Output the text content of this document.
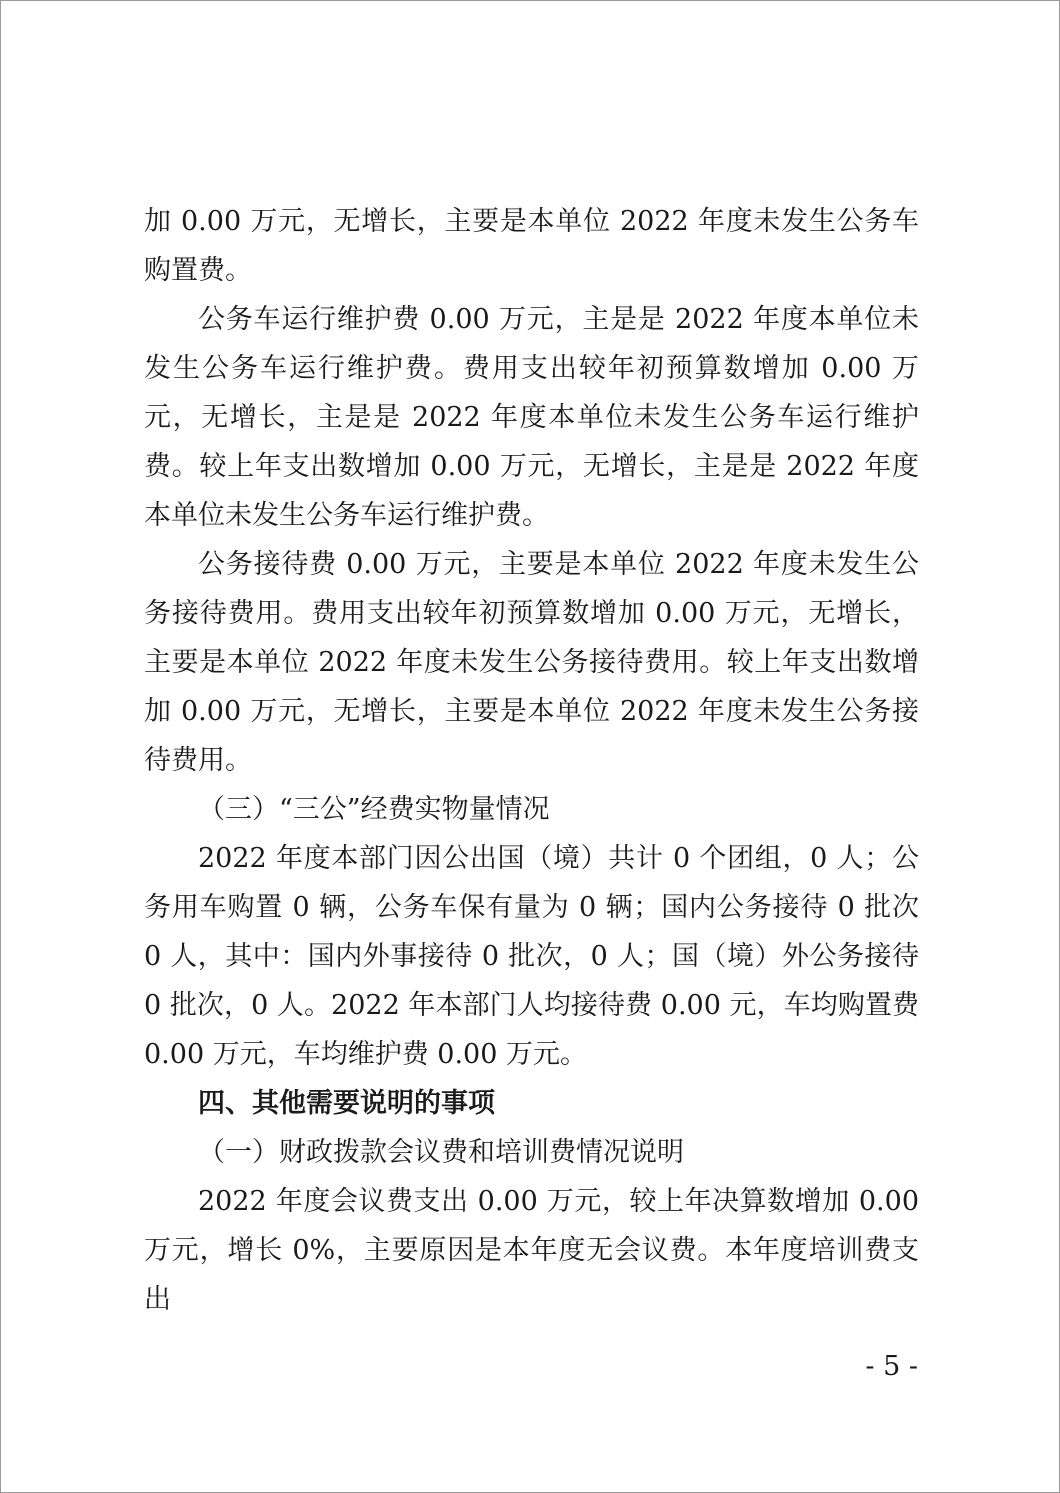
加 0.00 万元，无增长，主要是本单位 2022 年度未发生公务车购置费。

公务车运行维护费 0.00 万元，主是是 2022 年度本单位未发生公务车运行维护费。费用支出较年初预算数增加 0.00 万元，无增长，主是是 2022 年度本单位未发生公务车运行维护费。较上年支出数增加 0.00 万元，无增长，主是是 2022 年度本单位未发生公务车运行维护费。

公务接待费 0.00 万元，主要是本单位 2022 年度未发生公务接待费用。费用支出较年初预算数增加 0.00 万元，无增长，主要是本单位 2022 年度未发生公务接待费用。较上年支出数增加 0.00 万元，无增长，主要是本单位 2022 年度未发生公务接待费用。

（三）“三公”经费实物量情况

2022 年度本部门因公出国（境）共计 0 个团组，0 人；公务用车购置 0 辆，公务车保有量为 0 辆；国内公务接待 0 批次 0 人，其中：国内外事接待 0 批次，0 人；国（境）外公务接待 0 批次，0 人。2022 年本部门人均接待费 0.00 元，车均购置费 0.00 万元，车均维护费 0.00 万元。

四、其他需要说明的事项

（一）财政拨款会议费和培训费情况说明

2022 年度会议费支出 0.00 万元，较上年决算数增加 0.00 万元，增长 0%，主要原因是本年度无会议费。本年度培训费支出

- 5 -
